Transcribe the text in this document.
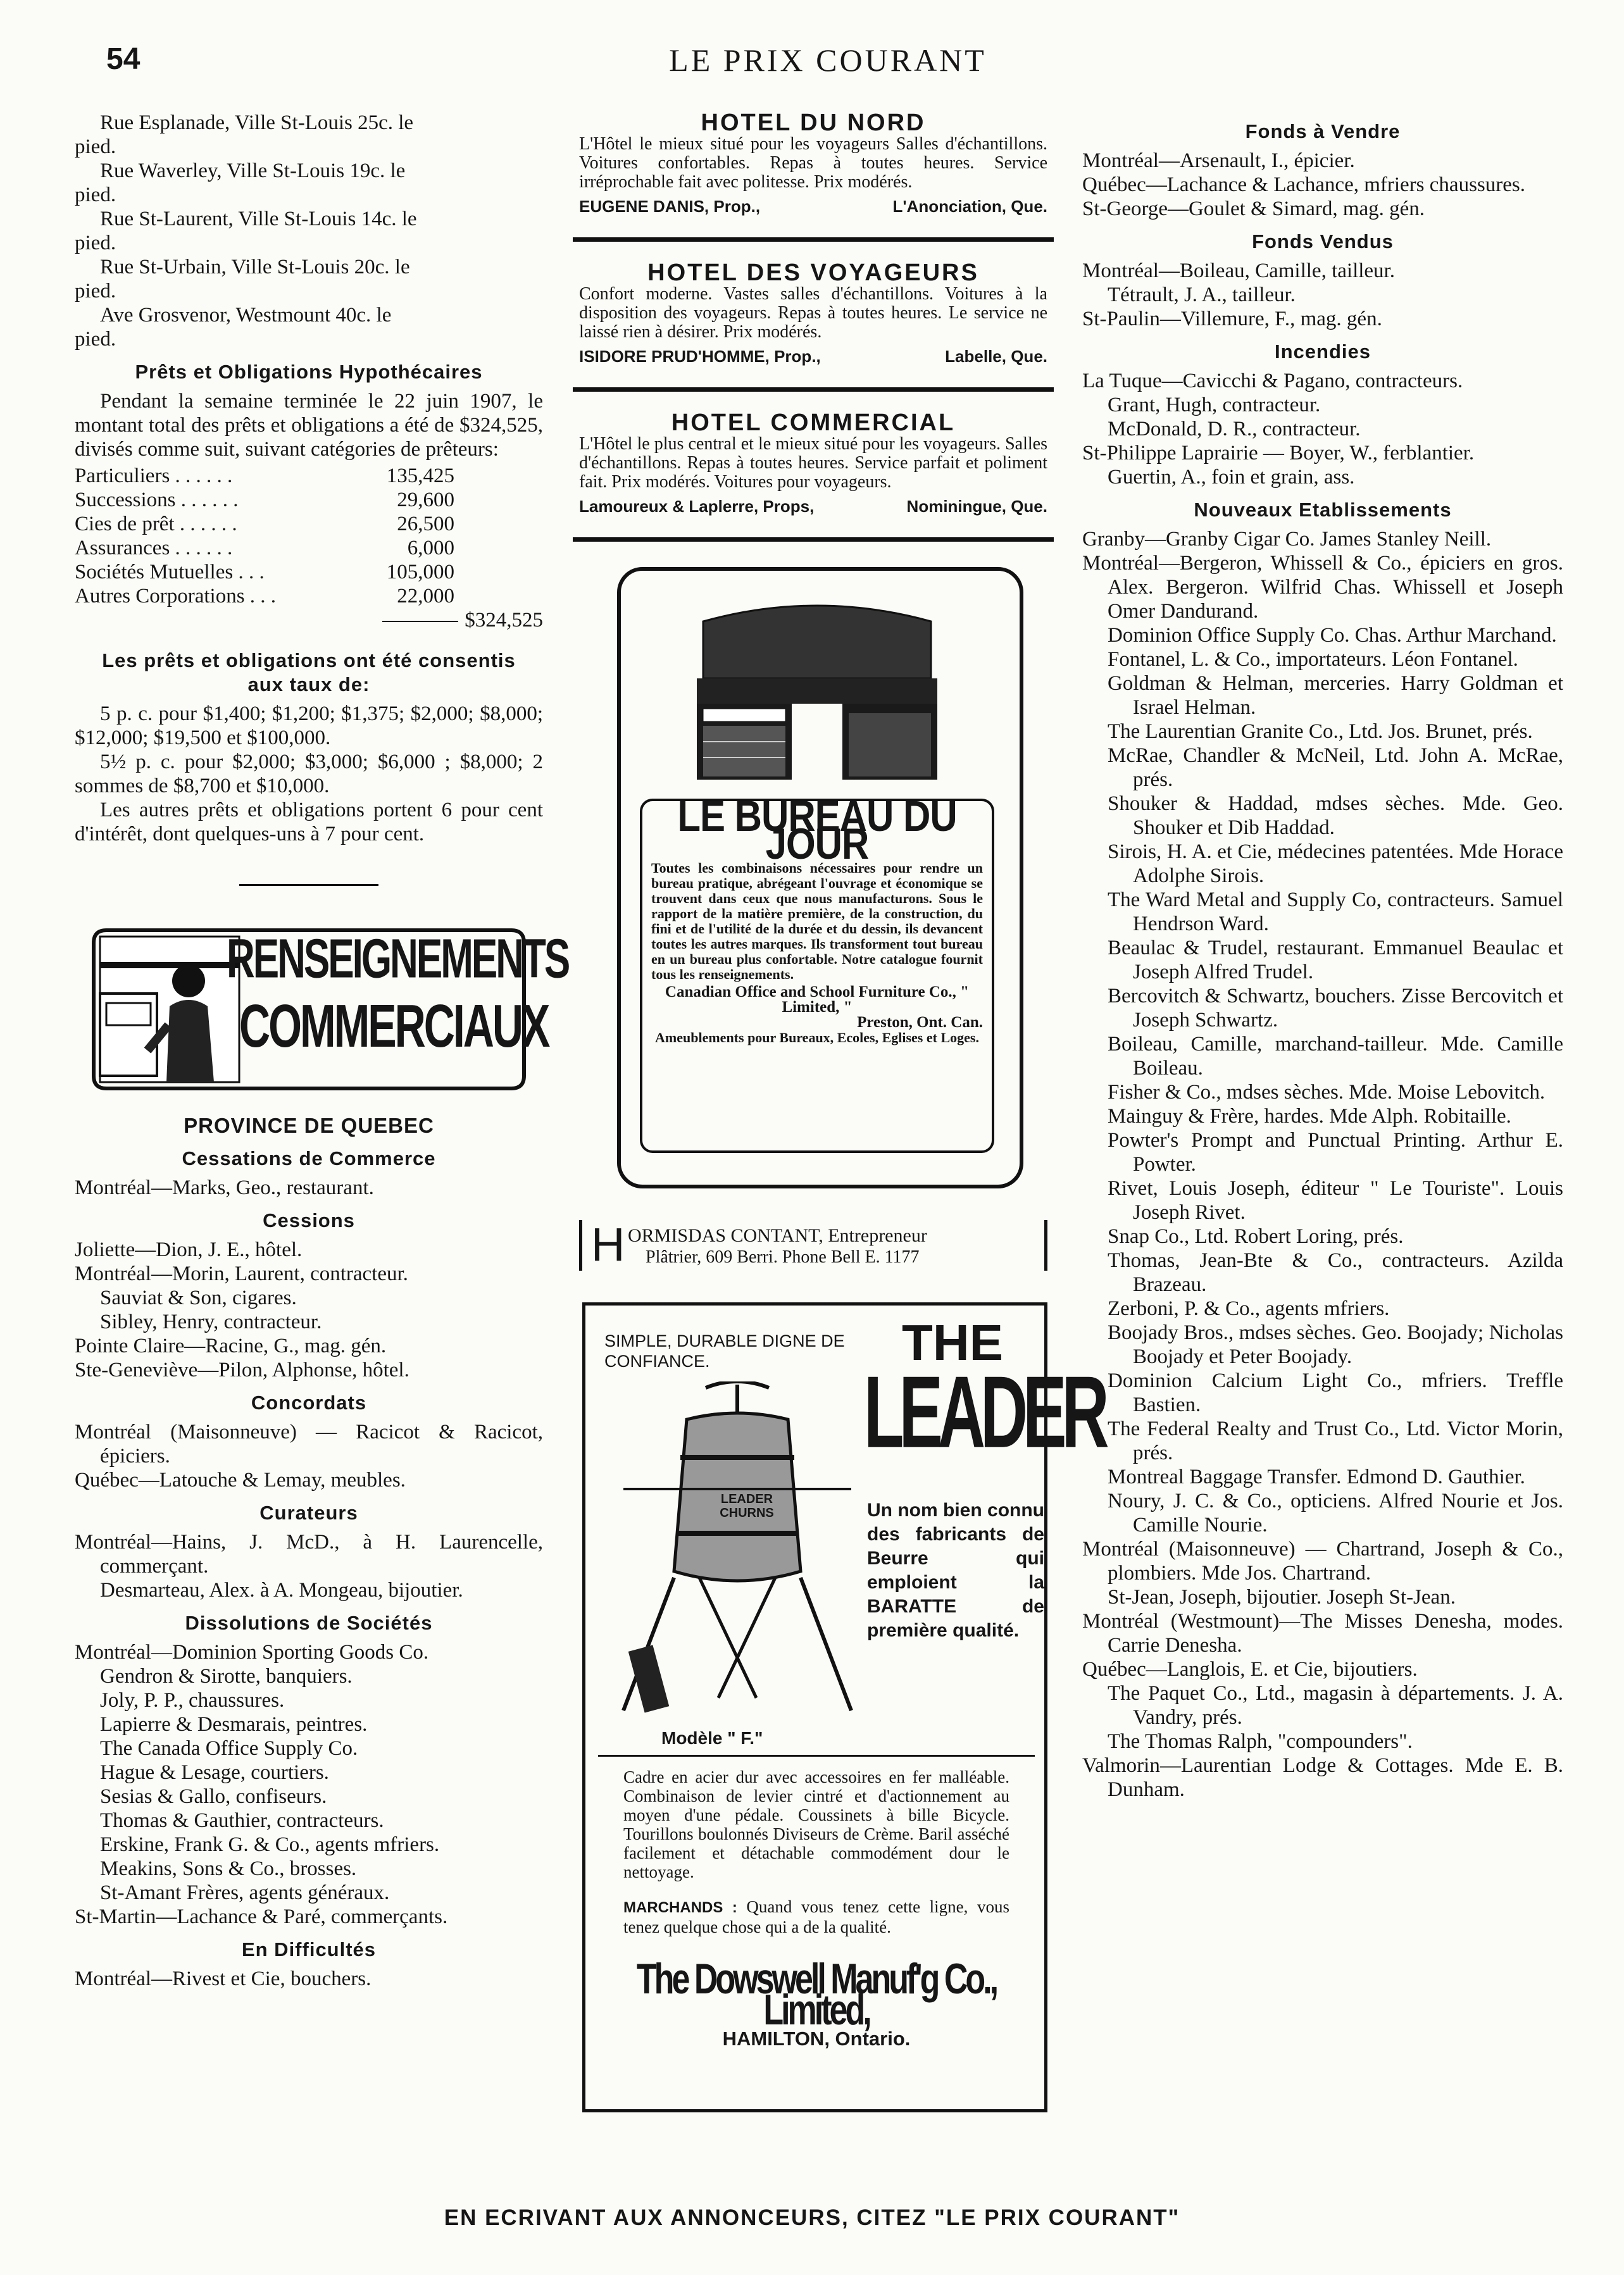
54	LE PRIX COURANT
Rue Esplanade, Ville St-Louis 25c. le
pied.
Rue Waverley, Ville St-Louis 19c. le
pied.
Rue St-Laurent, Ville St-Louis 14c. le
pied.
Rue St-Urbain, Ville St-Louis 20c. le
pied.
Ave Grosvenor, Westmount 40c. le
pied.
Prêts et Obligations Hypothécaires
Pendant la semaine terminée le 22 juin 1907, le montant total des prêts et obligations a été de $324,525, divisés comme suit, suivant catégories de prêteurs:
Particuliers . . . . . .	135,425
Successions . . . . . .	29,600
Cies de prêt . . . . . .	26,500
Assurances . . . . . .	6,000
Sociétés Mutuelles . . .	105,000
Autres Corporations . . .	22,000
$324,525
Les prêts et obligations ont été consentis
aux taux de:
5 p. c. pour $1,400; $1,200; $1,375; $2,000; $8,000; $12,000; $19,500 et $100,000.
5½ p. c. pour $2,000; $3,000; $6,000 ; $8,000; 2 sommes de $8,700 et $10,000.
Les autres prêts et obligations portent 6 pour cent d'intérêt, dont quelques-uns à 7 pour cent.
RENSEIGNEMENTS
COMMERCIAUX
PROVINCE DE QUEBEC
Cessations de Commerce
Montréal—Marks, Geo., restaurant.
Cessions
Joliette—Dion, J. E., hôtel.
Montréal—Morin, Laurent, contracteur.
Sauviat & Son, cigares.
Sibley, Henry, contracteur.
Pointe Claire—Racine, G., mag. gén.
Ste-Geneviève—Pilon, Alphonse, hôtel.
Concordats
Montréal (Maisonneuve) — Racicot & Racicot, épiciers.
Québec—Latouche & Lemay, meubles.
Curateurs
Montréal—Hains, J. McD., à H. Laurencelle, commerçant.
Desmarteau, Alex. à A. Mongeau, bijoutier.
Dissolutions de Sociétés
Montréal—Dominion Sporting Goods Co.
Gendron & Sirotte, banquiers.
Joly, P. P., chaussures.
Lapierre & Desmarais, peintres.
The Canada Office Supply Co.
Hague & Lesage, courtiers.
Sesias & Gallo, confiseurs.
Thomas & Gauthier, contracteurs.
Erskine, Frank G. & Co., agents mfriers.
Meakins, Sons & Co., brosses.
St-Amant Frères, agents généraux.
St-Martin—Lachance & Paré, commerçants.
En Difficultés
Montréal—Rivest et Cie, bouchers.
HOTEL DU NORD
L'Hôtel le mieux situé pour les voyageurs Salles d'échantillons. Voitures confortables. Repas à toutes heures. Service irréprochable fait avec politesse. Prix modérés.
EUGENE DANIS, Prop.,	L'Anonciation, Que.
HOTEL DES VOYAGEURS
Confort moderne. Vastes salles d'échantillons. Voitures à la disposition des voyageurs. Repas à toutes heures. Le service ne laissé rien à désirer. Prix modérés.
ISIDORE PRUD'HOMME, Prop.,	Labelle, Que.
HOTEL COMMERCIAL
L'Hôtel le plus central et le mieux situé pour les voyageurs. Salles d'échantillons. Repas à toutes heures. Service parfait et poliment fait. Prix modérés. Voitures pour voyageurs.
Lamoureux & Laplerre, Props,	Nominingue, Que.
LE BUREAU DU JOUR
Toutes les combinaisons nécessaires pour rendre un bureau pratique, abrégeant l'ouvrage et économique se trouvent dans ceux que nous manufacturons. Sous le rapport de la matière première, de la construction, du fini et de l'utilité de la durée et du dessin, ils devancent toutes les autres marques. Ils transforment tout bureau en un bureau plus confortable. Notre catalogue fournit tous les renseignements.
Canadian Office and School Furniture Co., " Limited, "
Preston, Ont. Can.
Ameublements pour Bureaux, Ecoles, Eglises et Loges.
H ORMISDAS CONTANT, Entrepreneur
Plâtrier, 609 Berri. Phone Bell E. 1177
SIMPLE, DURABLE DIGNE DE CONFIANCE.	THE
LEADER
LEADER CHURNS	Un nom bien connu des fabricants de Beurre qui emploient la BARATTE de première qualité.
Modèle " F."
Cadre en acier dur avec accessoires en fer malléable. Combinaison de levier cintré et d'actionnement au moyen d'une pédale. Coussinets à bille Bicycle. Tourillons boulonnés Diviseurs de Crème. Baril asséché facilement et détachable commodément dour le nettoyage.
MARCHANDS : Quand vous tenez cette ligne, vous tenez quelque chose qui a de la qualité.
The Dowswell Manuf'g Co., Limited,
HAMILTON, Ontario.
Fonds à Vendre
Montréal—Arsenault, I., épicier.
Québec—Lachance & Lachance, mfriers chaussures.
St-George—Goulet & Simard, mag. gén.
Fonds Vendus
Montréal—Boileau, Camille, tailleur.
Tétrault, J. A., tailleur.
St-Paulin—Villemure, F., mag. gén.
Incendies
La Tuque—Cavicchi & Pagano, contracteurs.
Grant, Hugh, contracteur.
McDonald, D. R., contracteur.
St-Philippe Laprairie — Boyer, W., ferblantier.
Guertin, A., foin et grain, ass.
Nouveaux Etablissements
Granby—Granby Cigar Co. James Stanley Neill.
Montréal—Bergeron, Whissell & Co., épiciers en gros. Alex. Bergeron. Wilfrid Chas. Whissell et Joseph Omer Dandurand.
Dominion Office Supply Co. Chas. Arthur Marchand.
Fontanel, L. & Co., importateurs. Léon Fontanel.
Goldman & Helman, merceries. Harry Goldman et Israel Helman.
The Laurentian Granite Co., Ltd. Jos. Brunet, prés.
McRae, Chandler & McNeil, Ltd. John A. McRae, prés.
Shouker & Haddad, mdses sèches. Mde. Geo. Shouker et Dib Haddad.
Sirois, H. A. et Cie, médecines patentées. Mde Horace Adolphe Sirois.
The Ward Metal and Supply Co, contracteurs. Samuel Hendrson Ward.
Beaulac & Trudel, restaurant. Emmanuel Beaulac et Joseph Alfred Trudel.
Bercovitch & Schwartz, bouchers. Zisse Bercovitch et Joseph Schwartz.
Boileau, Camille, marchand-tailleur. Mde. Camille Boileau.
Fisher & Co., mdses sèches. Mde. Moise Lebovitch.
Mainguy & Frère, hardes. Mde Alph. Robitaille.
Powter's Prompt and Punctual Printing. Arthur E. Powter.
Rivet, Louis Joseph, éditeur " Le Touriste". Louis Joseph Rivet.
Snap Co., Ltd. Robert Loring, prés.
Thomas, Jean-Bte & Co., contracteurs. Azilda Brazeau.
Zerboni, P. & Co., agents mfriers.
Boojady Bros., mdses sèches. Geo. Boojady; Nicholas Boojady et Peter Boojady.
Dominion Calcium Light Co., mfriers. Treffle Bastien.
The Federal Realty and Trust Co., Ltd. Victor Morin, prés.
Montreal Baggage Transfer. Edmond D. Gauthier.
Noury, J. C. & Co., opticiens. Alfred Nourie et Jos. Camille Nourie.
Montréal (Maisonneuve) — Chartrand, Joseph & Co., plombiers. Mde Jos. Chartrand.
St-Jean, Joseph, bijoutier. Joseph St-Jean.
Montréal (Westmount)—The Misses Denesha, modes. Carrie Denesha.
Québec—Langlois, E. et Cie, bijoutiers.
The Paquet Co., Ltd., magasin à départements. J. A. Vandry, prés.
The Thomas Ralph, "compounders".
Valmorin—Laurentian Lodge & Cottages. Mde E. B. Dunham.
EN ECRIVANT AUX ANNONCEURS, CITEZ "LE PRIX COURANT"
